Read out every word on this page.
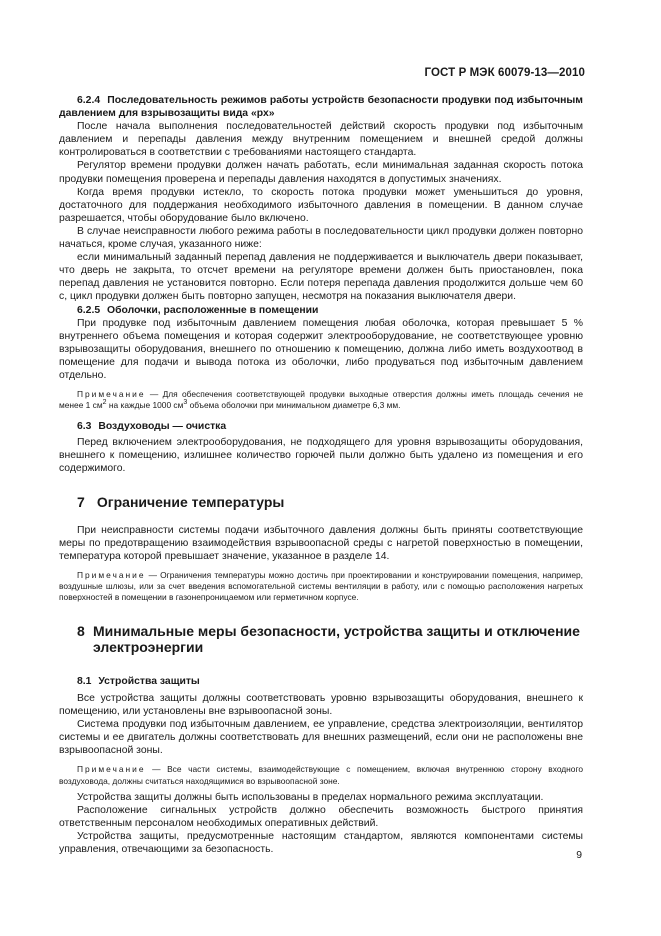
ГОСТ Р МЭК 60079-13—2010
6.2.4 Последовательность режимов работы устройств безопасности продувки под избыточным давлением для взрывозащиты вида «рх»

После начала выполнения последовательностей действий скорость продувки под избыточным давлением и перепады давления между внутренним помещением и внешней средой должны контролироваться в соответствии с требованиями настоящего стандарта.

Регулятор времени продувки должен начать работать, если минимальная заданная скорость потока продувки помещения проверена и перепады давления находятся в допустимых значениях.

Когда время продувки истекло, то скорость потока продувки может уменьшиться до уровня, достаточного для поддержания необходимого избыточного давления в помещении. В данном случае разрешается, чтобы оборудование было включено.

В случае неисправности любого режима работы в последовательности цикл продувки должен повторно начаться, кроме случая, указанного ниже:

если минимальный заданный перепад давления не поддерживается и выключатель двери показывает, что дверь не закрыта, то отсчет времени на регуляторе времени должен быть приостановлен, пока перепад давления не установится повторно. Если потеря перепада давления продолжится дольше чем 60 с, цикл продувки должен быть повторно запущен, несмотря на показания выключателя двери.

6.2.5 Оболочки, расположенные в помещении

При продувке под избыточным давлением помещения любая оболочка, которая превышает 5 % внутреннего объема помещения и которая содержит электрооборудование, не соответствующее уровню взрывозащиты оборудования, внешнего по отношению к помещению, должна либо иметь воздухоотвод в помещение для подачи и вывода потока из оболочки, либо продуваться под избыточным давлением отдельно.

Примечание — Для обеспечения соответствующей продувки выходные отверстия должны иметь площадь сечения не менее 1 $см^2$ на каждые 1000 $см^3$ объема оболочки при минимальном диаметре 6,3 мм.
6.3 Воздуховоды — очистка

Перед включением электрооборудования, не подходящего для уровня взрывозащиты оборудования, внешнего к помещению, излишнее количество горючей пыли должно быть удалено из помещения и его содержимого.

7 Ограничение температуры

При неисправности системы подачи избыточного давления должны быть приняты соответствующие меры по предотвращению взаимодействия взрывоопасной среды с нагретой поверхностью в помещении, температура которой превышает значение, указанное в разделе 14.

Примечание — Ограничения температуры можно достичь при проектировании и конструировании помещения, например, воздушные шлюзы, или за счет введения вспомогательной системы вентиляции в работу, или с помощью расположения нагретых поверхностей в помещении в газонепроницаемом или герметичном корпусе.
8 Минимальные меры безопасности, устройства защиты и отключение
электроэнергии
8.1 Устройства защиты

Все устройства защиты должны соответствовать уровню взрывозащиты оборудования, внешнего к помещению, или установлены вне взрывоопасной зоны.

Система продувки под избыточным давлением, ее управление, средства электроизоляции, вентилятор системы и ее двигатель должны соответствовать для внешних размещений, если они не расположены вне взрывоопасной зоны.

Примечание — Все части системы, взаимодействующие с помещением, включая внутреннюю сторону входного воздуховода, должны считаться находящимися во взрывоопасной зоне.

Устройства защиты должны быть использованы в пределах нормального режима эксплуатации.

Расположение сигнальных устройств должно обеспечить возможность быстрого принятия ответственным персоналом необходимых оперативных действий.

Устройства защиты, предусмотренные настоящим стандартом, являются компонентами системы управления, отвечающими за безопасность.

9
